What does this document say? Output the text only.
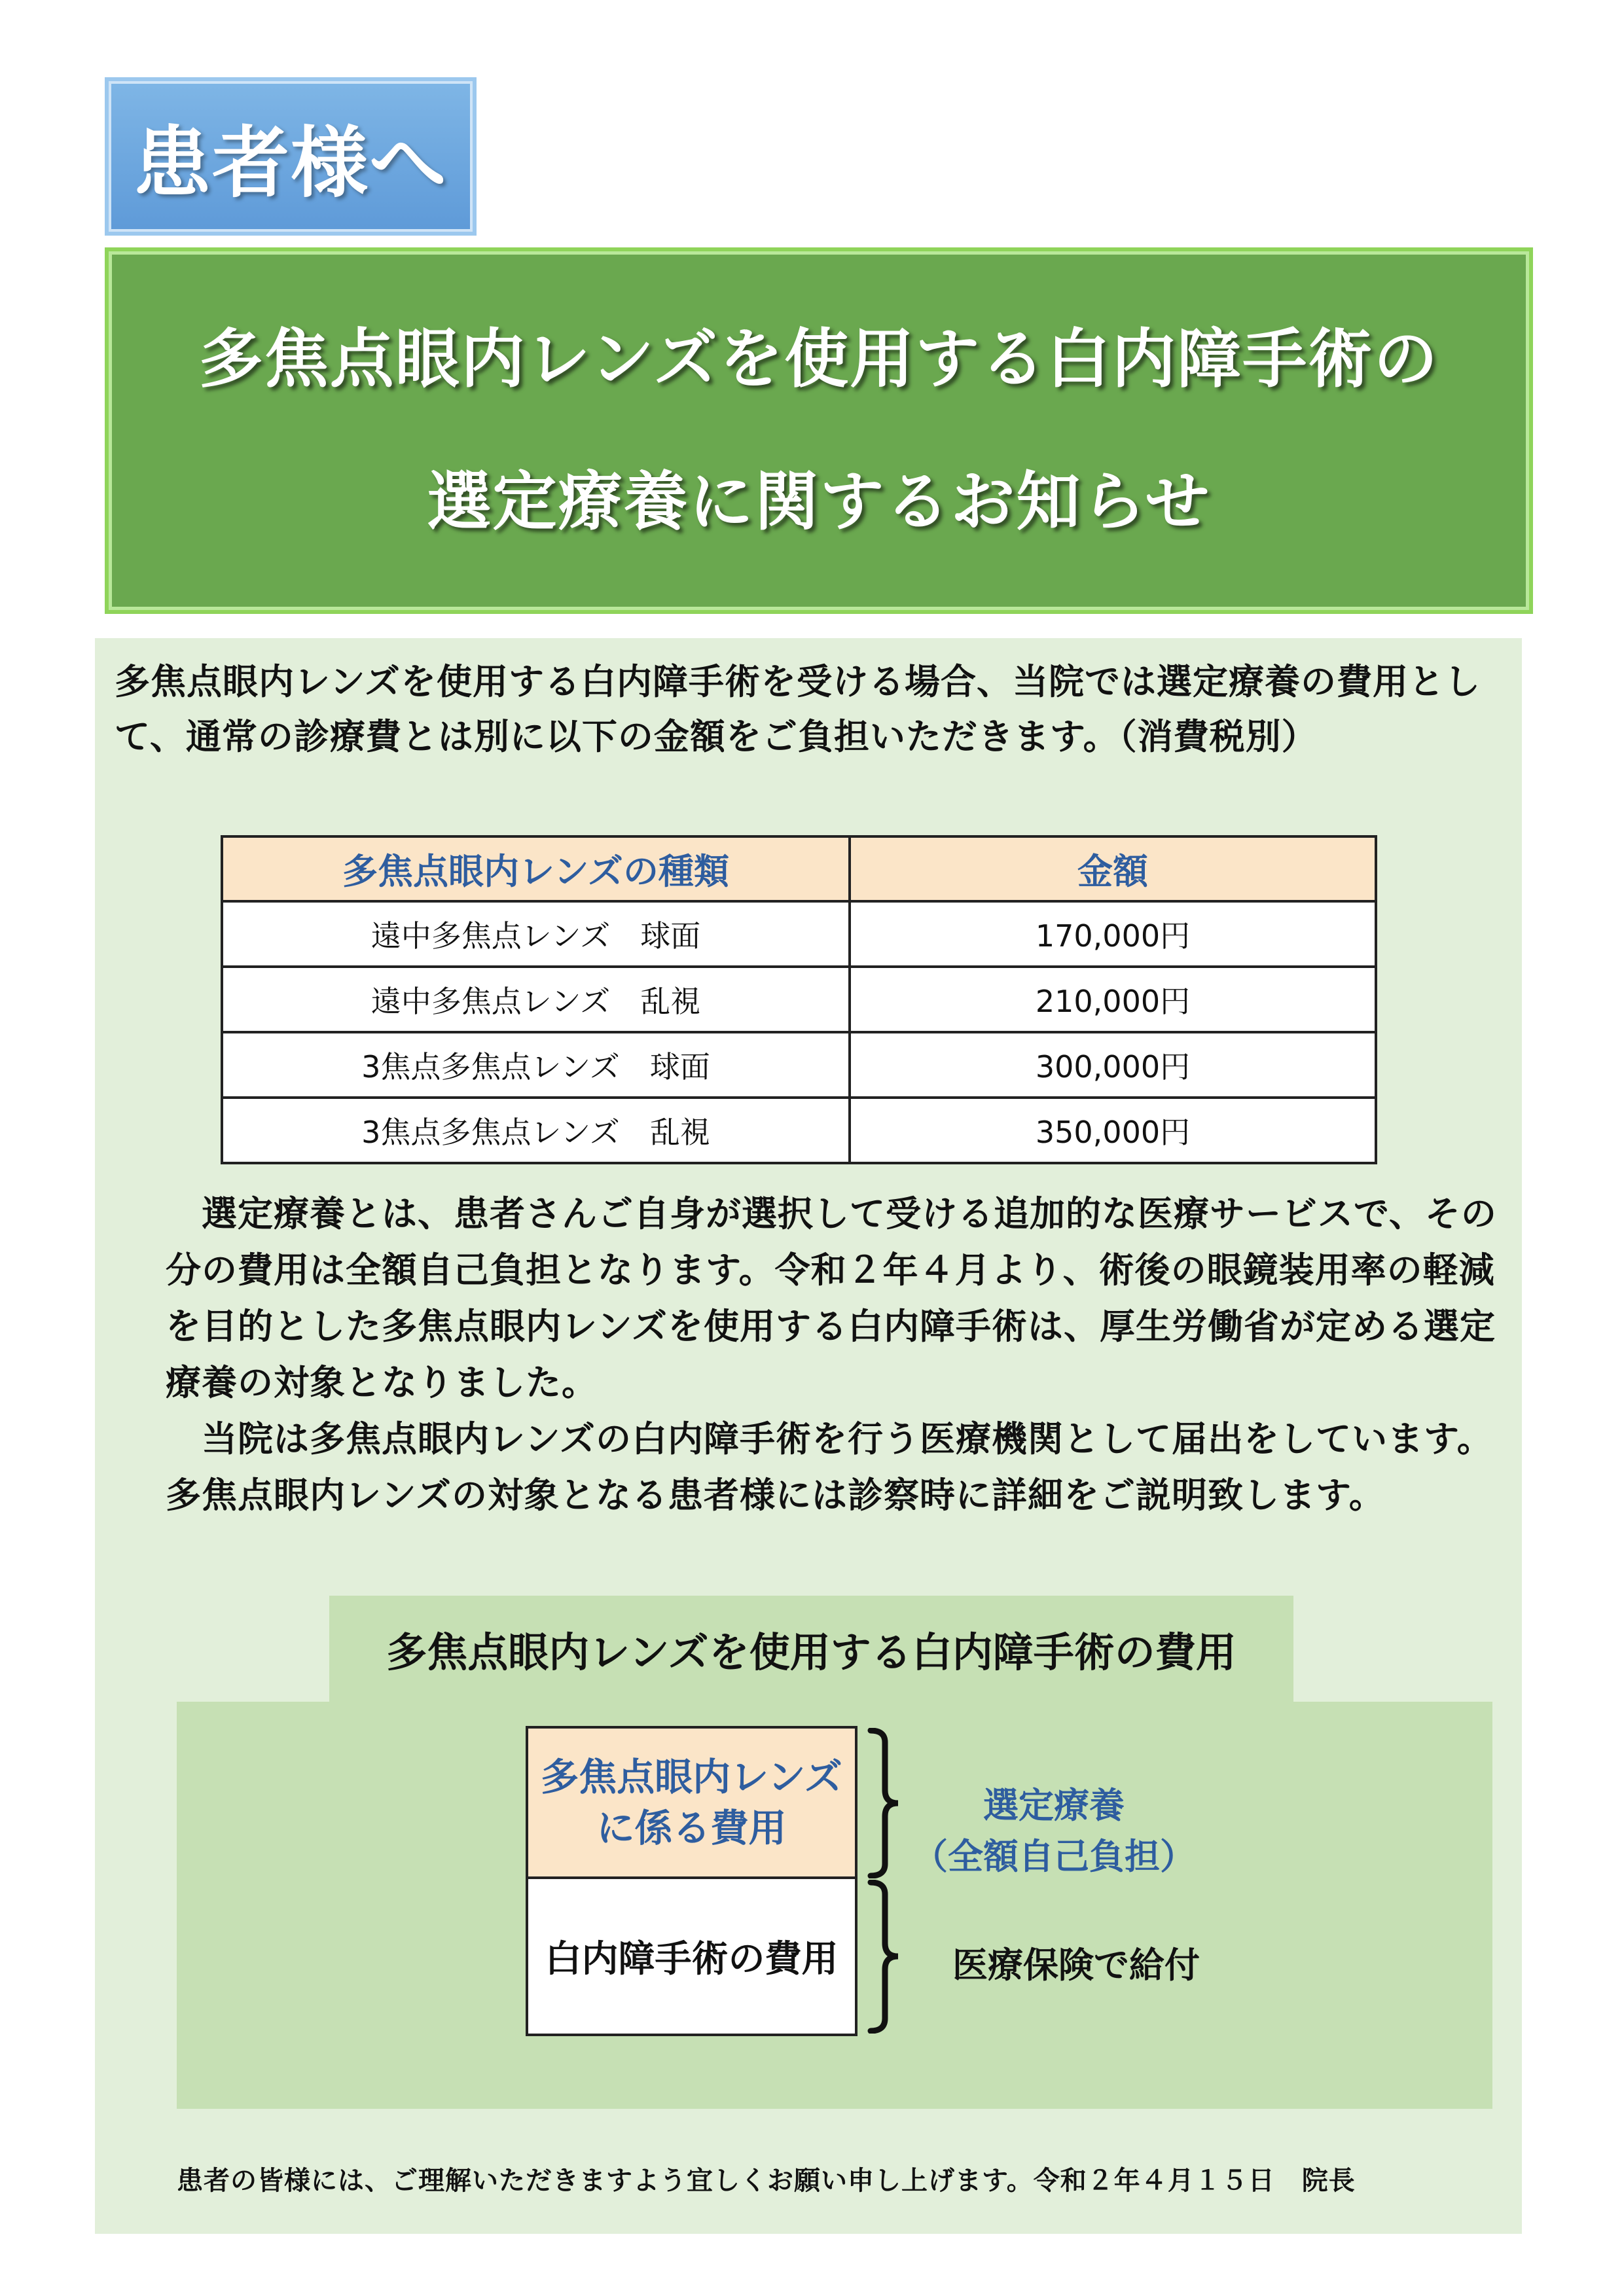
患者様へ
多焦点眼内レンズを使用する白内障手術の
選定療養に関するお知らせ
多焦点眼内レンズを使用する白内障手術を受ける場合、当院では選定療養の費用として、通常の診療費とは別に以下の金額をご負担いただきます。（消費税別）
多焦点眼内レンズの種類	金額
遠中多焦点レンズ　球面	170,000円
遠中多焦点レンズ　乱視	210,000円
3焦点多焦点レンズ　球面	300,000円
3焦点多焦点レンズ　乱視	350,000円

　選定療養とは、患者さんご自身が選択して受ける追加的な医療サービスで、その分の費用は全額自己負担となります。令和２年４月より、術後の眼鏡装用率の軽減を目的とした多焦点眼内レンズを使用する白内障手術は、厚生労働省が定める選定療養の対象となりました。

　当院は多焦点眼内レンズの白内障手術を行う医療機関として届出をしています。多焦点眼内レンズの対象となる患者様には診察時に詳細をご説明致します。

多焦点眼内レンズを使用する白内障手術の費用
多焦点眼内レンズ
に係る費用
白内障手術の費用
選定療養
（全額自己負担）
医療保険で給付
患者の皆様には、ご理解いただきますよう宜しくお願い申し上げます。令和２年４月１５日　院長
